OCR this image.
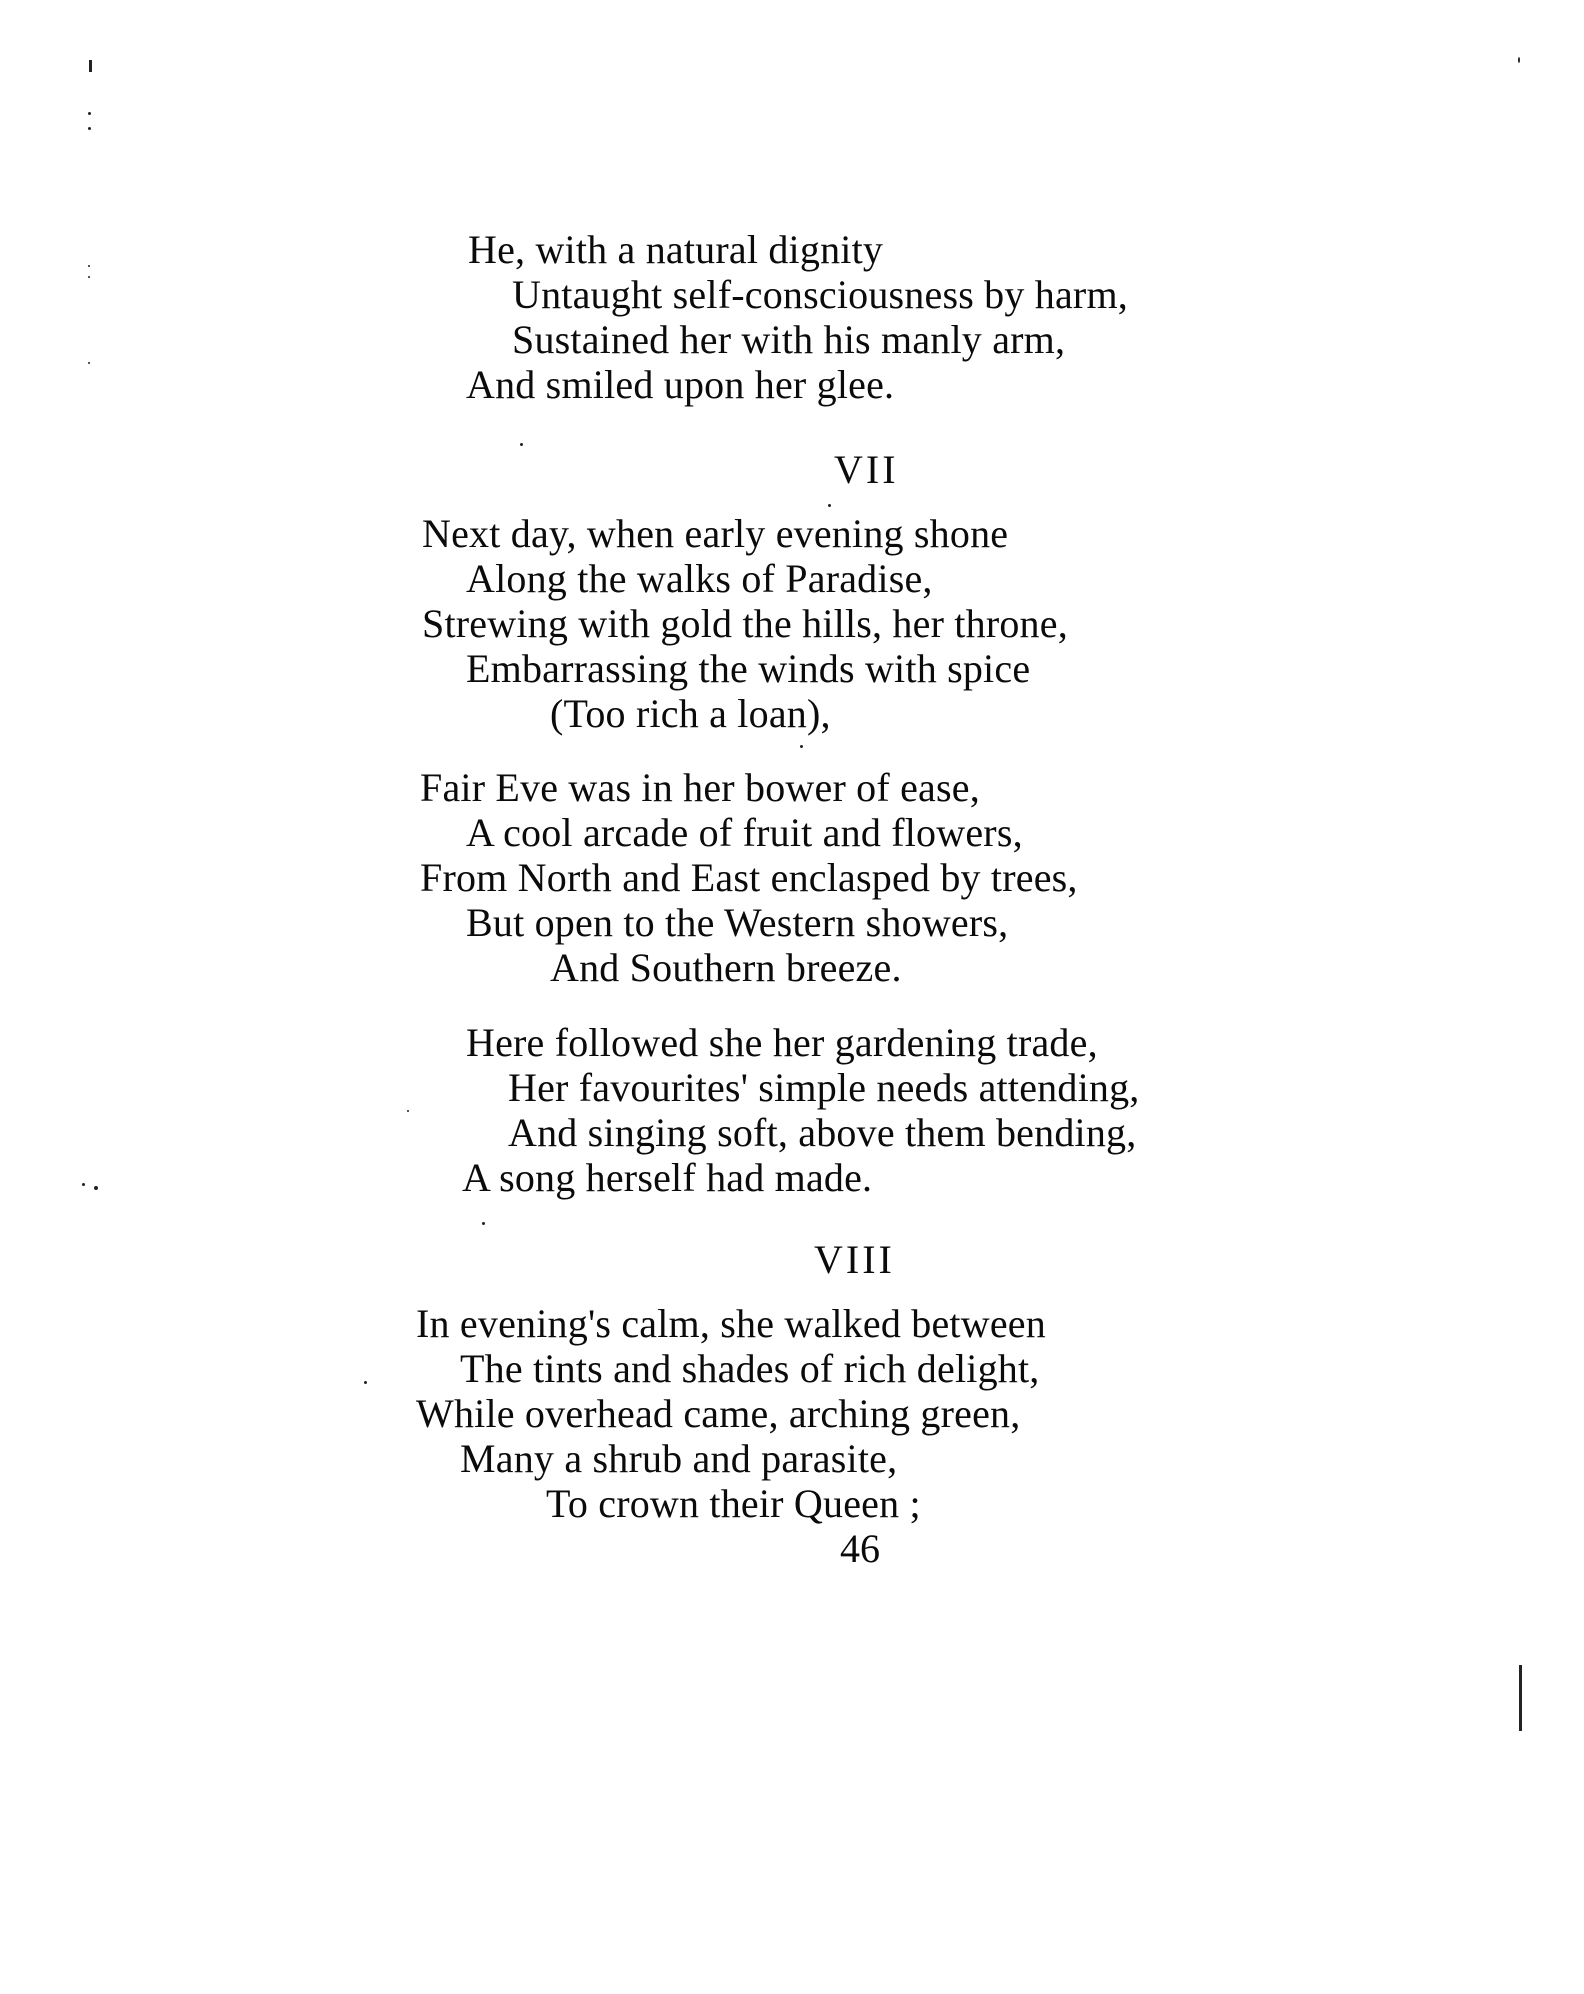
He, with a natural dignity
Untaught self-consciousness by harm,
Sustained her with his manly arm,
And smiled upon her glee.
VII
Next day, when early evening shone
Along the walks of Paradise,
Strewing with gold the hills, her throne,
Embarrassing the winds with spice
(Too rich a loan),
Fair Eve was in her bower of ease,
A cool arcade of fruit and flowers,
From North and East enclasped by trees,
But open to the Western showers,
And Southern breeze.
Here followed she her gardening trade,
Her favourites' simple needs attending,
And singing soft, above them bending,
A song herself had made.
VIII
In evening's calm, she walked between
The tints and shades of rich delight,
While overhead came, arching green,
Many a shrub and parasite,
To crown their Queen ;
46
